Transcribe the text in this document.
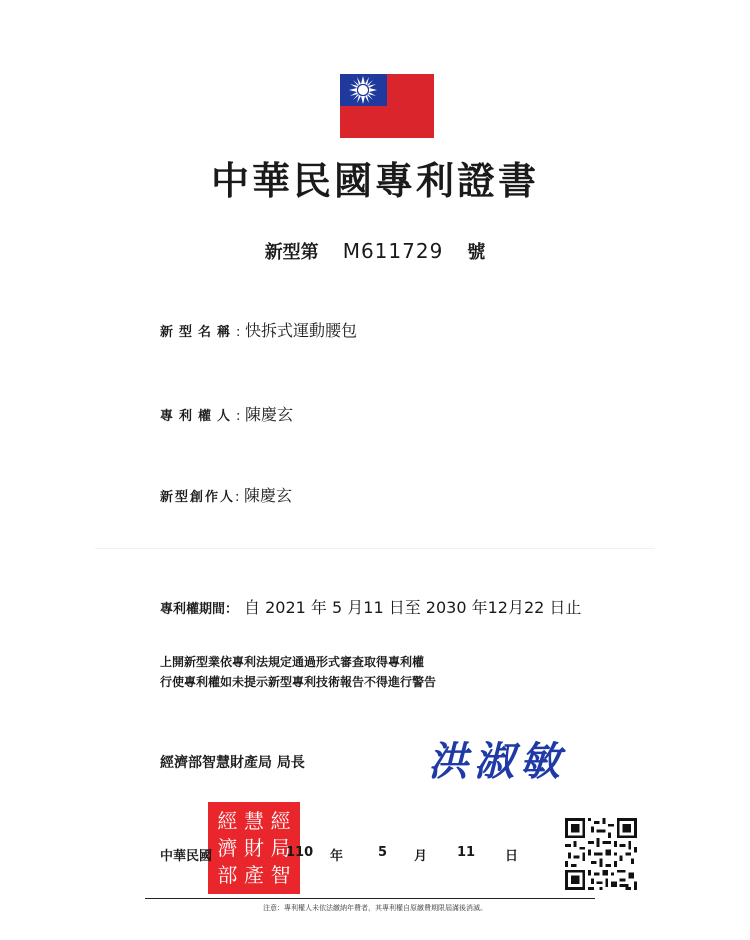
中華民國專利證書
新型第 M611729 號
新型名稱: 快拆式運動腰包
專利權人: 陳慶玄
新型創作人: 陳慶玄
專利權期間： 自 2021 年 5 月11 日至 2030 年12月22 日止
上開新型業依專利法規定通過形式審查取得專利權
行使專利權如未提示新型專利技術報告不得進行警告
經濟部智慧財產局 局長	洪淑敏
經 慧 經
濟 財 局
部 產 智
中華民國	110 年	5 月 11 日
注意：專利權人未依法繳納年費者，其專利權自原繳費期限屆滿後消滅。
